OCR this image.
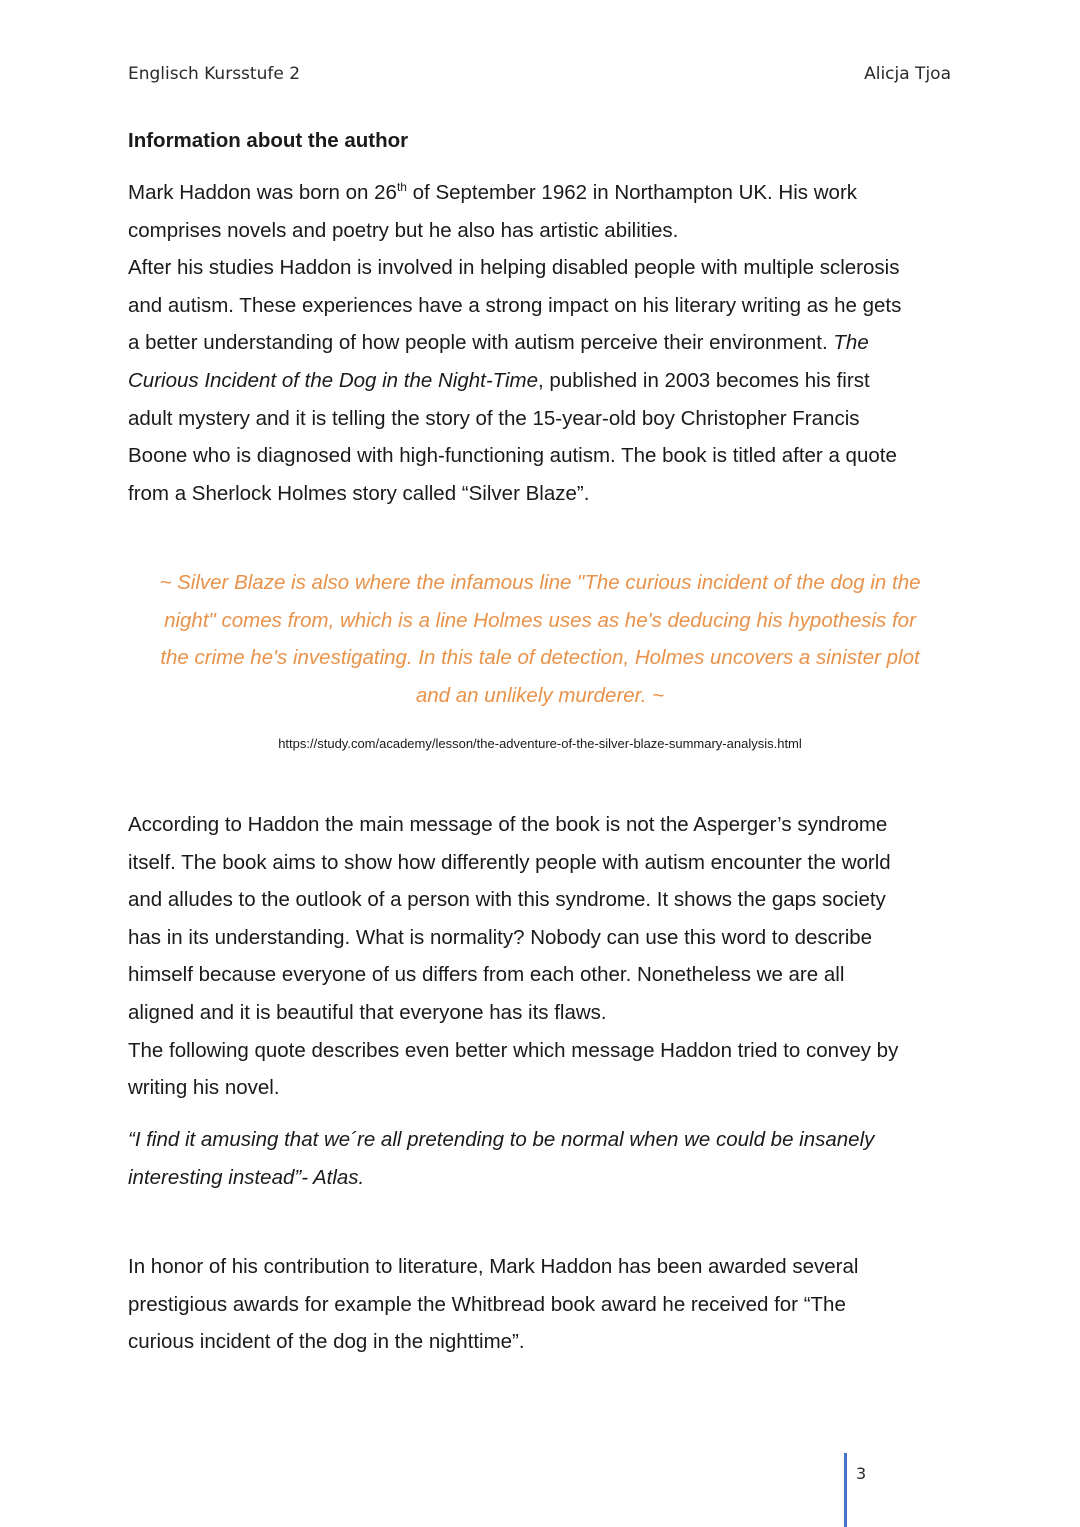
Englisch Kursstufe 2	Alicja Tjoa
Information about the author
Mark Haddon was born on 26th of September 1962 in Northampton UK. His work
comprises novels and poetry but he also has artistic abilities.
After his studies Haddon is involved in helping disabled people with multiple sclerosis
and autism. These experiences have a strong impact on his literary writing as he gets
a better understanding of how people with autism perceive their environment. The
Curious Incident of the Dog in the Night-Time, published in 2003 becomes his first
adult mystery and it is telling the story of the 15-year-old boy Christopher Francis
Boone who is diagnosed with high-functioning autism. The book is titled after a quote
from a Sherlock Holmes story called “Silver Blaze”.
~ Silver Blaze is also where the infamous line "The curious incident of the dog in the
night" comes from, which is a line Holmes uses as he's deducing his hypothesis for
the crime he's investigating. In this tale of detection, Holmes uncovers a sinister plot
and an unlikely murderer. ~
https://study.com/academy/lesson/the-adventure-of-the-silver-blaze-summary-analysis.html
According to Haddon the main message of the book is not the Asperger’s syndrome
itself. The book aims to show how differently people with autism encounter the world
and alludes to the outlook of a person with this syndrome. It shows the gaps society
has in its understanding. What is normality? Nobody can use this word to describe
himself because everyone of us differs from each other. Nonetheless we are all
aligned and it is beautiful that everyone has its flaws.
The following quote describes even better which message Haddon tried to convey by
writing his novel.
“I find it amusing that we´re all pretending to be normal when we could be insanely
interesting instead”- Atlas.
In honor of his contribution to literature, Mark Haddon has been awarded several
prestigious awards for example the Whitbread book award he received for “The
curious incident of the dog in the nighttime”.
3
